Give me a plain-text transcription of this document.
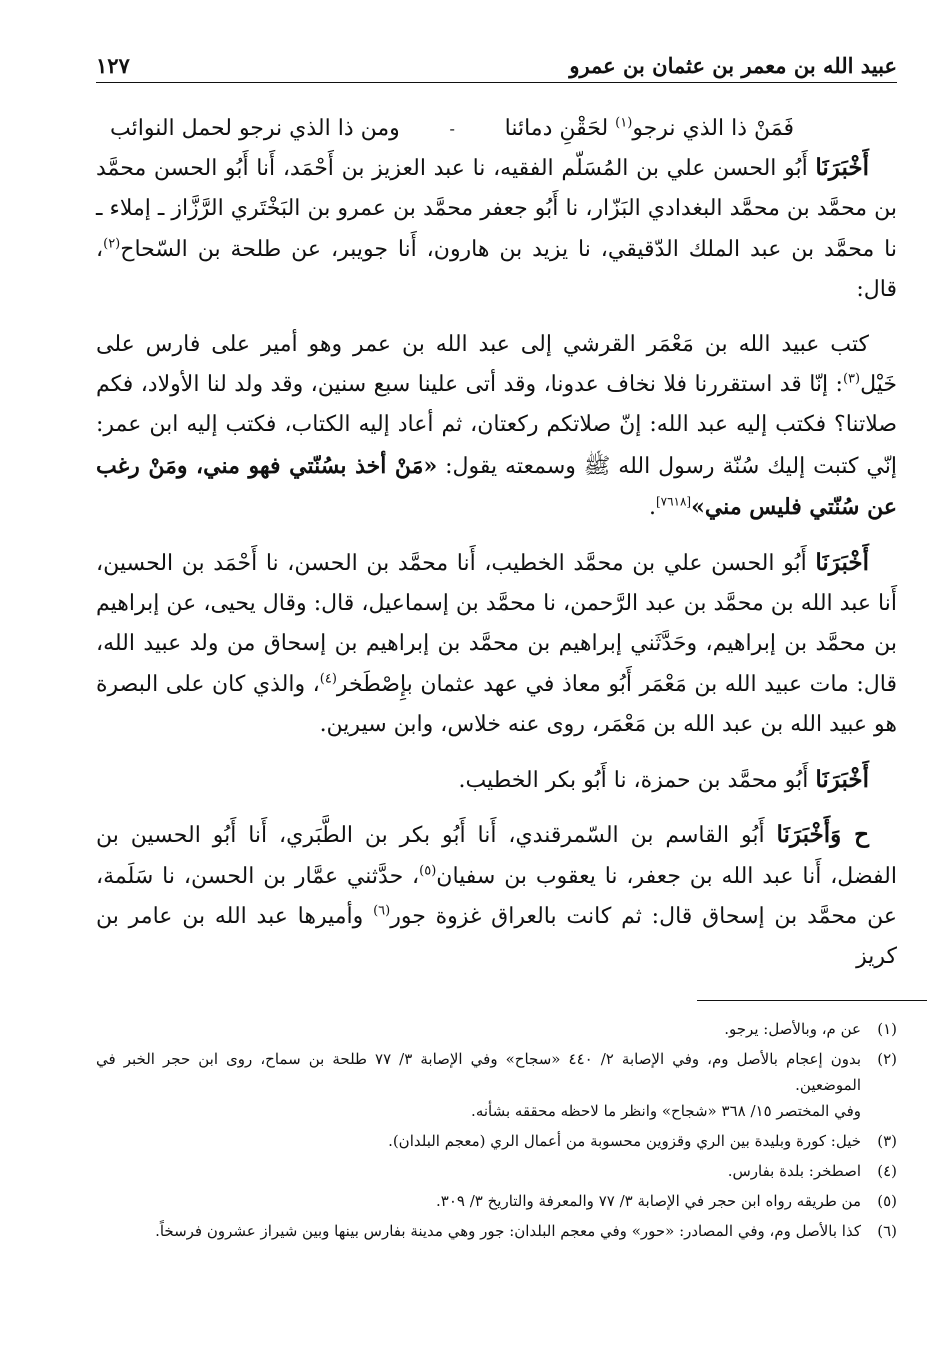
عبيد الله بن معمر بن عثمان بن عمرو
١٢٧
فَمَنْ ذا الذي نرجو$^{(١)}$ لحَقْنِ دمائنا
-
ومن ذا الذي نرجو لحمل النوائب

أَخْبَرَنَا أَبُو الحسن علي بن المُسَلّم الفقيه، نا عبد العزيز بن أَحْمَد، أَنا أَبُو الحسن محمَّد بن محمَّد بن محمَّد البغدادي البَزّار، نا أَبُو جعفر محمَّد بن عمرو بن البَخْتَري الرَّزَّاز ـ إملاء ـ نا محمَّد بن عبد الملك الدّقيقي، نا يزيد بن هارون، أَنا جويبر، عن طلحة بن السّحاح$^{(٢)}$، قال:

كتب عبيد الله بن مَعْمَر القرشي إلى عبد الله بن عمر وهو أمير على فارس على خَيْل$^{(٣)}$: إنّا قد استقررنا فلا نخاف عدونا، وقد أتى علينا سبع سنين، وقد ولد لنا الأولاد، فكم صلاتنا؟ فكتب إليه عبد الله: إنّ صلاتكم ركعتان، ثم أعاد إليه الكتاب، فكتب إليه ابن عمر: إنّي كتبت إليك سُنّة رسول الله ﷺ وسمعته يقول: «مَنْ أخذ بسُنّتي فهو مني، ومَنْ رغب عن سُنّتي فليس مني»[٧٦١٨].

أَخْبَرَنَا أَبُو الحسن علي بن محمَّد الخطيب، أَنا محمَّد بن الحسن، نا أَحْمَد بن الحسين، أَنا عبد الله بن محمَّد بن عبد الرَّحمن، نا محمَّد بن إسماعيل، قال: وقال يحيى، عن إبراهيم بن محمَّد بن إبراهيم، وحَدَّثَني إبراهيم بن محمَّد بن إبراهيم بن إسحاق من ولد عبيد الله، قال: مات عبيد الله بن مَعْمَر أَبُو معاذ في عهد عثمان بإِصْطَخر$^{(٤)}$، والذي كان على البصرة هو عبيد الله بن عبد الله بن مَعْمَر، روى عنه خلاس، وابن سيرين.

أَخْبَرَنَا أَبُو محمَّد بن حمزة، نا أَبُو بكر الخطيب.

ح وَأَخْبَرَنَا أَبُو القاسم بن السّمرقندي، أَنا أَبُو بكر بن الطَّبَري، أَنا أَبُو الحسين بن الفضل، أَنا عبد الله بن جعفر، نا يعقوب بن سفيان$^{(٥)}$، حدَّثني عمَّار بن الحسن، نا سَلَمة، عن محمَّد بن إسحاق قال: ثم كانت بالعراق غزوة جور$^{(٦)}$ وأميرها عبد الله بن عامر بن كريز

(١)
عن م، وبالأصل: يرجو.
(٢)
بدون إعجام بالأصل وم، وفي الإصابة ٢/ ٤٤٠ «سجاح» وفي الإصابة ٣/ ٧٧ طلحة بن سماح، روى ابن حجر الخبر في الموضعين.
وفي المختصر ١٥/ ٣٦٨ «شجاح» وانظر ما لاحظه محققه بشأنه.
(٣)
خيل: كورة وبليدة بين الري وقزوين محسوبة من أعمال الري (معجم البلدان).
(٤)
اصطخر: بلدة بفارس.
(٥)
من طريقه رواه ابن حجر في الإصابة ٣/ ٧٧ والمعرفة والتاريخ ٣/ ٣٠٩.
(٦)
كذا بالأصل وم، وفي المصادر: «حور» وفي معجم البلدان: جور وهي مدينة بفارس بينها وبين شيراز عشرون فرسخاً.
